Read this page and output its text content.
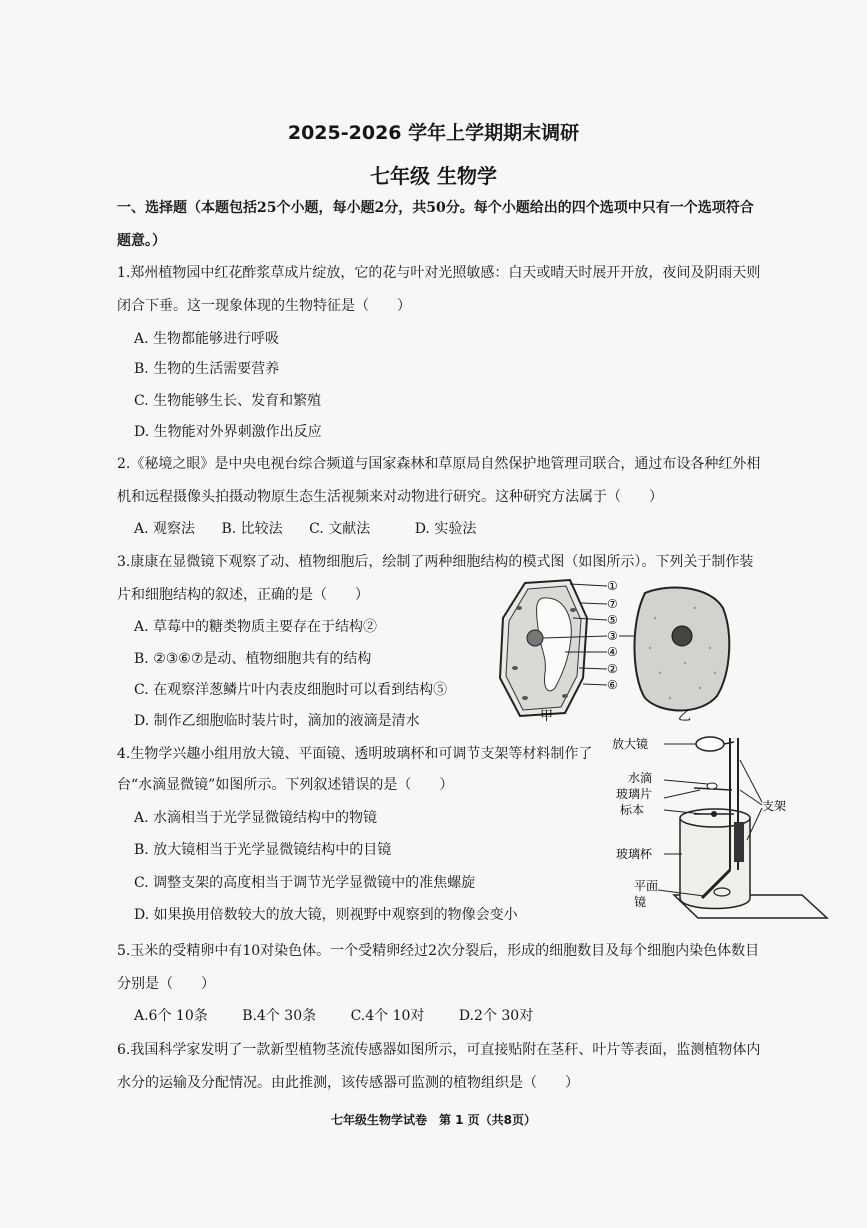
2025-2026 学年上学期期末调研
七年级 生物学
一、选择题（本题包括25个小题，每小题2分，共50分。每个小题给出的四个选项中只有一个选项符合
题意。）
1.郑州植物园中红花酢浆草成片绽放，它的花与叶对光照敏感：白天或晴天时展开开放，夜间及阴雨天则
闭合下垂。这一现象体现的生物特征是（　　）
A. 生物都能够进行呼吸
B. 生物的生活需要营养
C. 生物能够生长、发育和繁殖
D. 生物能对外界刺激作出反应
2.《秘境之眼》是中央电视台综合频道与国家森林和草原局自然保护地管理司联合，通过布设各种红外相
机和远程摄像头拍摄动物原生态生活视频来对动物进行研究。这种研究方法属于（　　）
A. 观察法 B. 比较法 C. 文献法	D. 实验法
3.康康在显微镜下观察了动、植物细胞后，绘制了两种细胞结构的模式图（如图所示）。下列关于制作装
片和细胞结构的叙述，正确的是（　　）
A. 草莓中的糖类物质主要存在于结构②
B. ②③⑥⑦是动、植物细胞共有的结构
C. 在观察洋葱鳞片叶内表皮细胞时可以看到结构⑤
D. 制作乙细胞临时装片时，滴加的液滴是清水
①
⑦
⑤
③
④
②
⑥
甲	乙
4.生物学兴趣小组用放大镜、平面镜、透明玻璃杯和可调节支架等材料制作了
台“水滴显微镜”如图所示。下列叙述错误的是（　　）
A. 水滴相当于光学显微镜结构中的物镜
B. 放大镜相当于光学显微镜结构中的目镜
C. 调整支架的高度相当于调节光学显微镜中的准焦螺旋
D. 如果换用倍数较大的放大镜，则视野中观察到的物像会变小
放大镜
水滴
玻璃片
标本	支架
玻璃杯
平面
镜
5.玉米的受精卵中有10对染色体。一个受精卵经过2次分裂后，形成的细胞数目及每个细胞内染色体数目
分别是（　　）
A.6个 10条 B.4个 30条 C.4个 10对 D.2个 30对
6.我国科学家发明了一款新型植物茎流传感器如图所示，可直接贴附在茎秆、叶片等表面，监测植物体内
水分的运输及分配情况。由此推测，该传感器可监测的植物组织是（　　）
七年级生物学试卷　第 1 页（共8页）
